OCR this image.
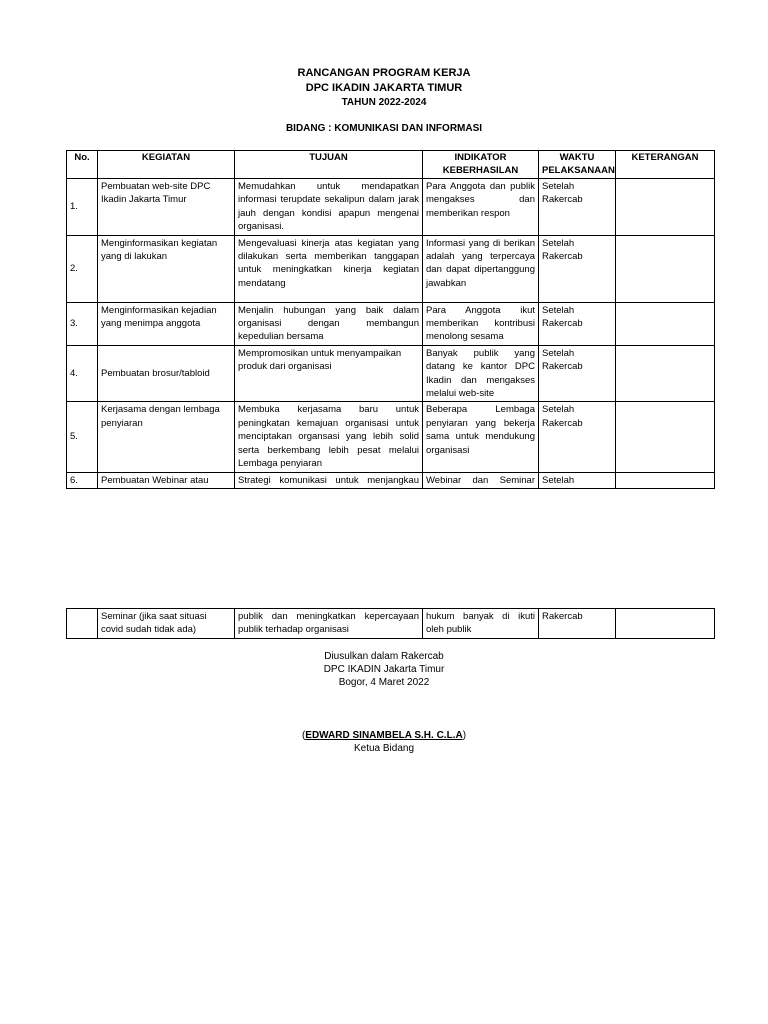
RANCANGAN PROGRAM KERJA
DPC IKADIN JAKARTA TIMUR
TAHUN 2022-2024
BIDANG : KOMUNIKASI DAN INFORMASI
No.	KEGIATAN	TUJUAN	INDIKATOR KEBERHASILAN	WAKTU PELAKSANAAN	KETERANGAN
1.	Pembuatan web-site DPC Ikadin Jakarta Timur	Memudahkan untuk mendapatkan informasi terupdate sekalipun dalam jarak jauh dengan kondisi apapun mengenai organisasi.	Para Anggota dan publik mengakses dan memberikan respon	Setelah Rakercab	
2.	Menginformasikan kegiatan yang di lakukan	Mengevaluasi kinerja atas kegiatan yang dilakukan serta memberikan tanggapan untuk meningkatkan kinerja kegiatan mendatang	Informasi yang di berikan adalah yang terpercaya dan dapat dipertanggung jawabkan	Setelah Rakercab	
3.	Menginformasikan kejadian yang menimpa anggota	Menjalin hubungan yang baik dalam organisasi dengan membangun kepedulian bersama	Para Anggota ikut memberikan kontribusi menolong sesama	Setelah Rakercab	
4.	Pembuatan brosur/tabloid	Mempromosikan untuk menyampaikan produk dari organisasi	Banyak publik yang datang ke kantor DPC Ikadin dan mengakses melalui web-site	Setelah Rakercab	
5.	Kerjasama dengan lembaga penyiaran	Membuka kerjasama baru untuk peningkatan kemajuan organisasi untuk menciptakan organsasi yang lebih solid serta berkembang lebih pesat melalui Lembaga penyiaran	Beberapa Lembaga penyiaran yang bekerja sama untuk mendukung organisasi	Setelah Rakercab	
6.	Pembuatan Webinar atau	Strategi komunikasi untuk menjangkau	Webinar dan Seminar	Setelah	
	Seminar (jika saat situasi covid sudah tidak ada)	publik dan meningkatkan kepercayaan publik terhadap organisasi	hukum banyak di ikuti oleh publik	Rakercab	
Diusulkan dalam Rakercab
DPC IKADIN Jakarta Timur
Bogor, 4 Maret 2022
(EDWARD SINAMBELA S.H. C.L.A)
Ketua Bidang
